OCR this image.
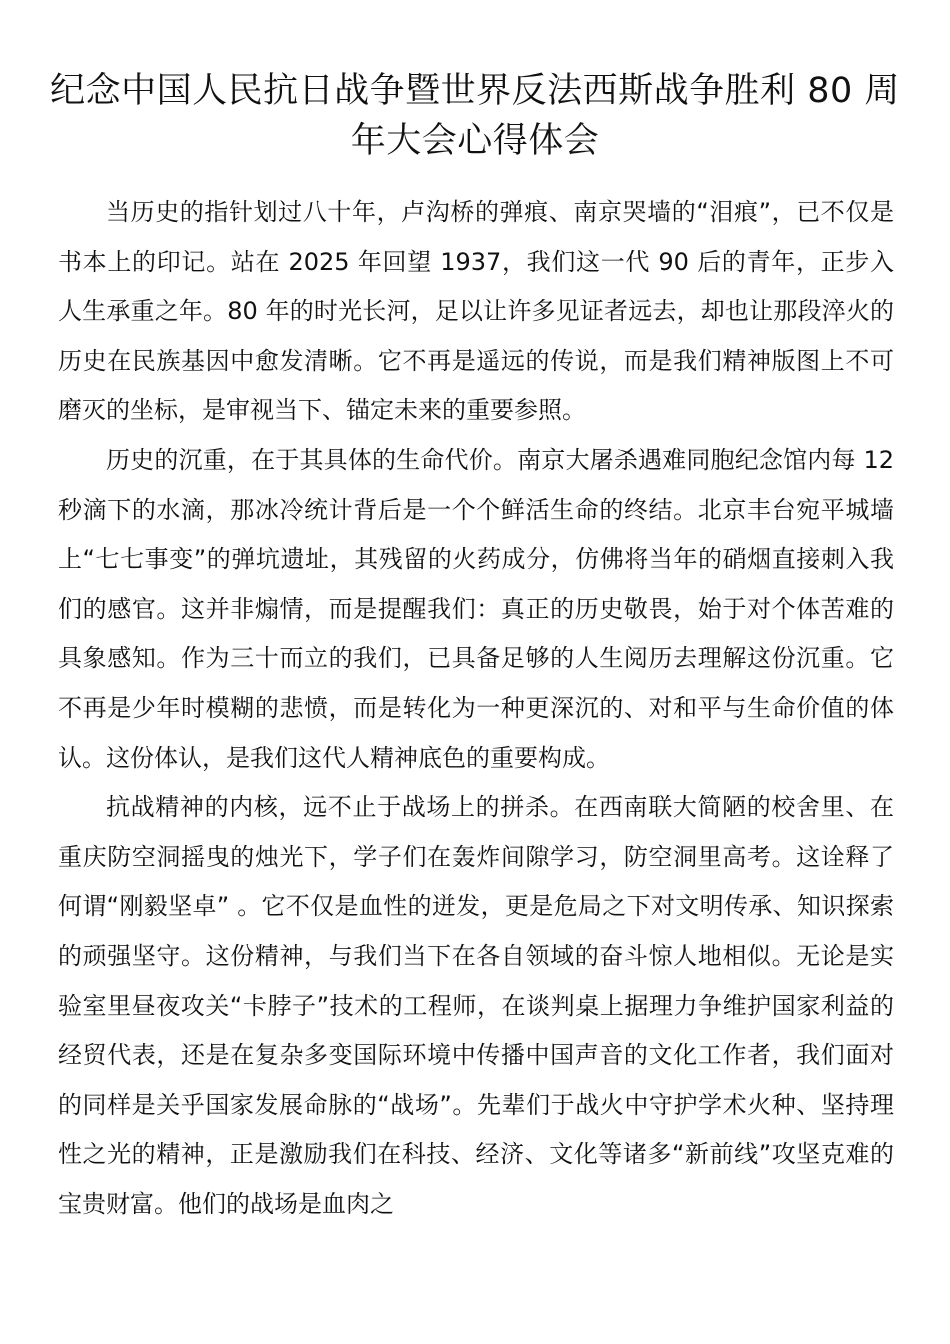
纪念中国人民抗日战争暨世界反法西斯战争胜利 80 周年大会心得体会

当历史的指针划过八十年，卢沟桥的弹痕、南京哭墙的“泪痕”，已不仅是书本上的印记。站在 2025 年回望 1937，我们这一代 90 后的青年，正步入人生承重之年。80 年的时光长河，足以让许多见证者远去，却也让那段淬火的历史在民族基因中愈发清晰。它不再是遥远的传说，而是我们精神版图上不可磨灭的坐标，是审视当下、锚定未来的重要参照。

历史的沉重，在于其具体的生命代价。南京大屠杀遇难同胞纪念馆内每 12 秒滴下的水滴，那冰冷统计背后是一个个鲜活生命的终结。北京丰台宛平城墙上“七七事变”的弹坑遗址，其残留的火药成分，仿佛将当年的硝烟直接刺入我们的感官。这并非煽情，而是提醒我们：真正的历史敬畏，始于对个体苦难的具象感知。作为三十而立的我们，已具备足够的人生阅历去理解这份沉重。它不再是少年时模糊的悲愤，而是转化为一种更深沉的、对和平与生命价值的体认。这份体认，是我们这代人精神底色的重要构成。

抗战精神的内核，远不止于战场上的拼杀。在西南联大简陋的校舍里、在重庆防空洞摇曳的烛光下，学子们在轰炸间隙学习，防空洞里高考。这诠释了何谓“刚毅坚卓” 。它不仅是血性的迸发，更是危局之下对文明传承、知识探索的顽强坚守。这份精神，与我们当下在各自领域的奋斗惊人地相似。无论是实验室里昼夜攻关“卡脖子”技术的工程师，在谈判桌上据理力争维护国家利益的经贸代表，还是在复杂多变国际环境中传播中国声音的文化工作者，我们面对的同样是关乎国家发展命脉的“战场”。先辈们于战火中守护学术火种、坚持理性之光的精神，正是激励我们在科技、经济、文化等诸多“新前线”攻坚克难的宝贵财富。他们的战场是血肉之
